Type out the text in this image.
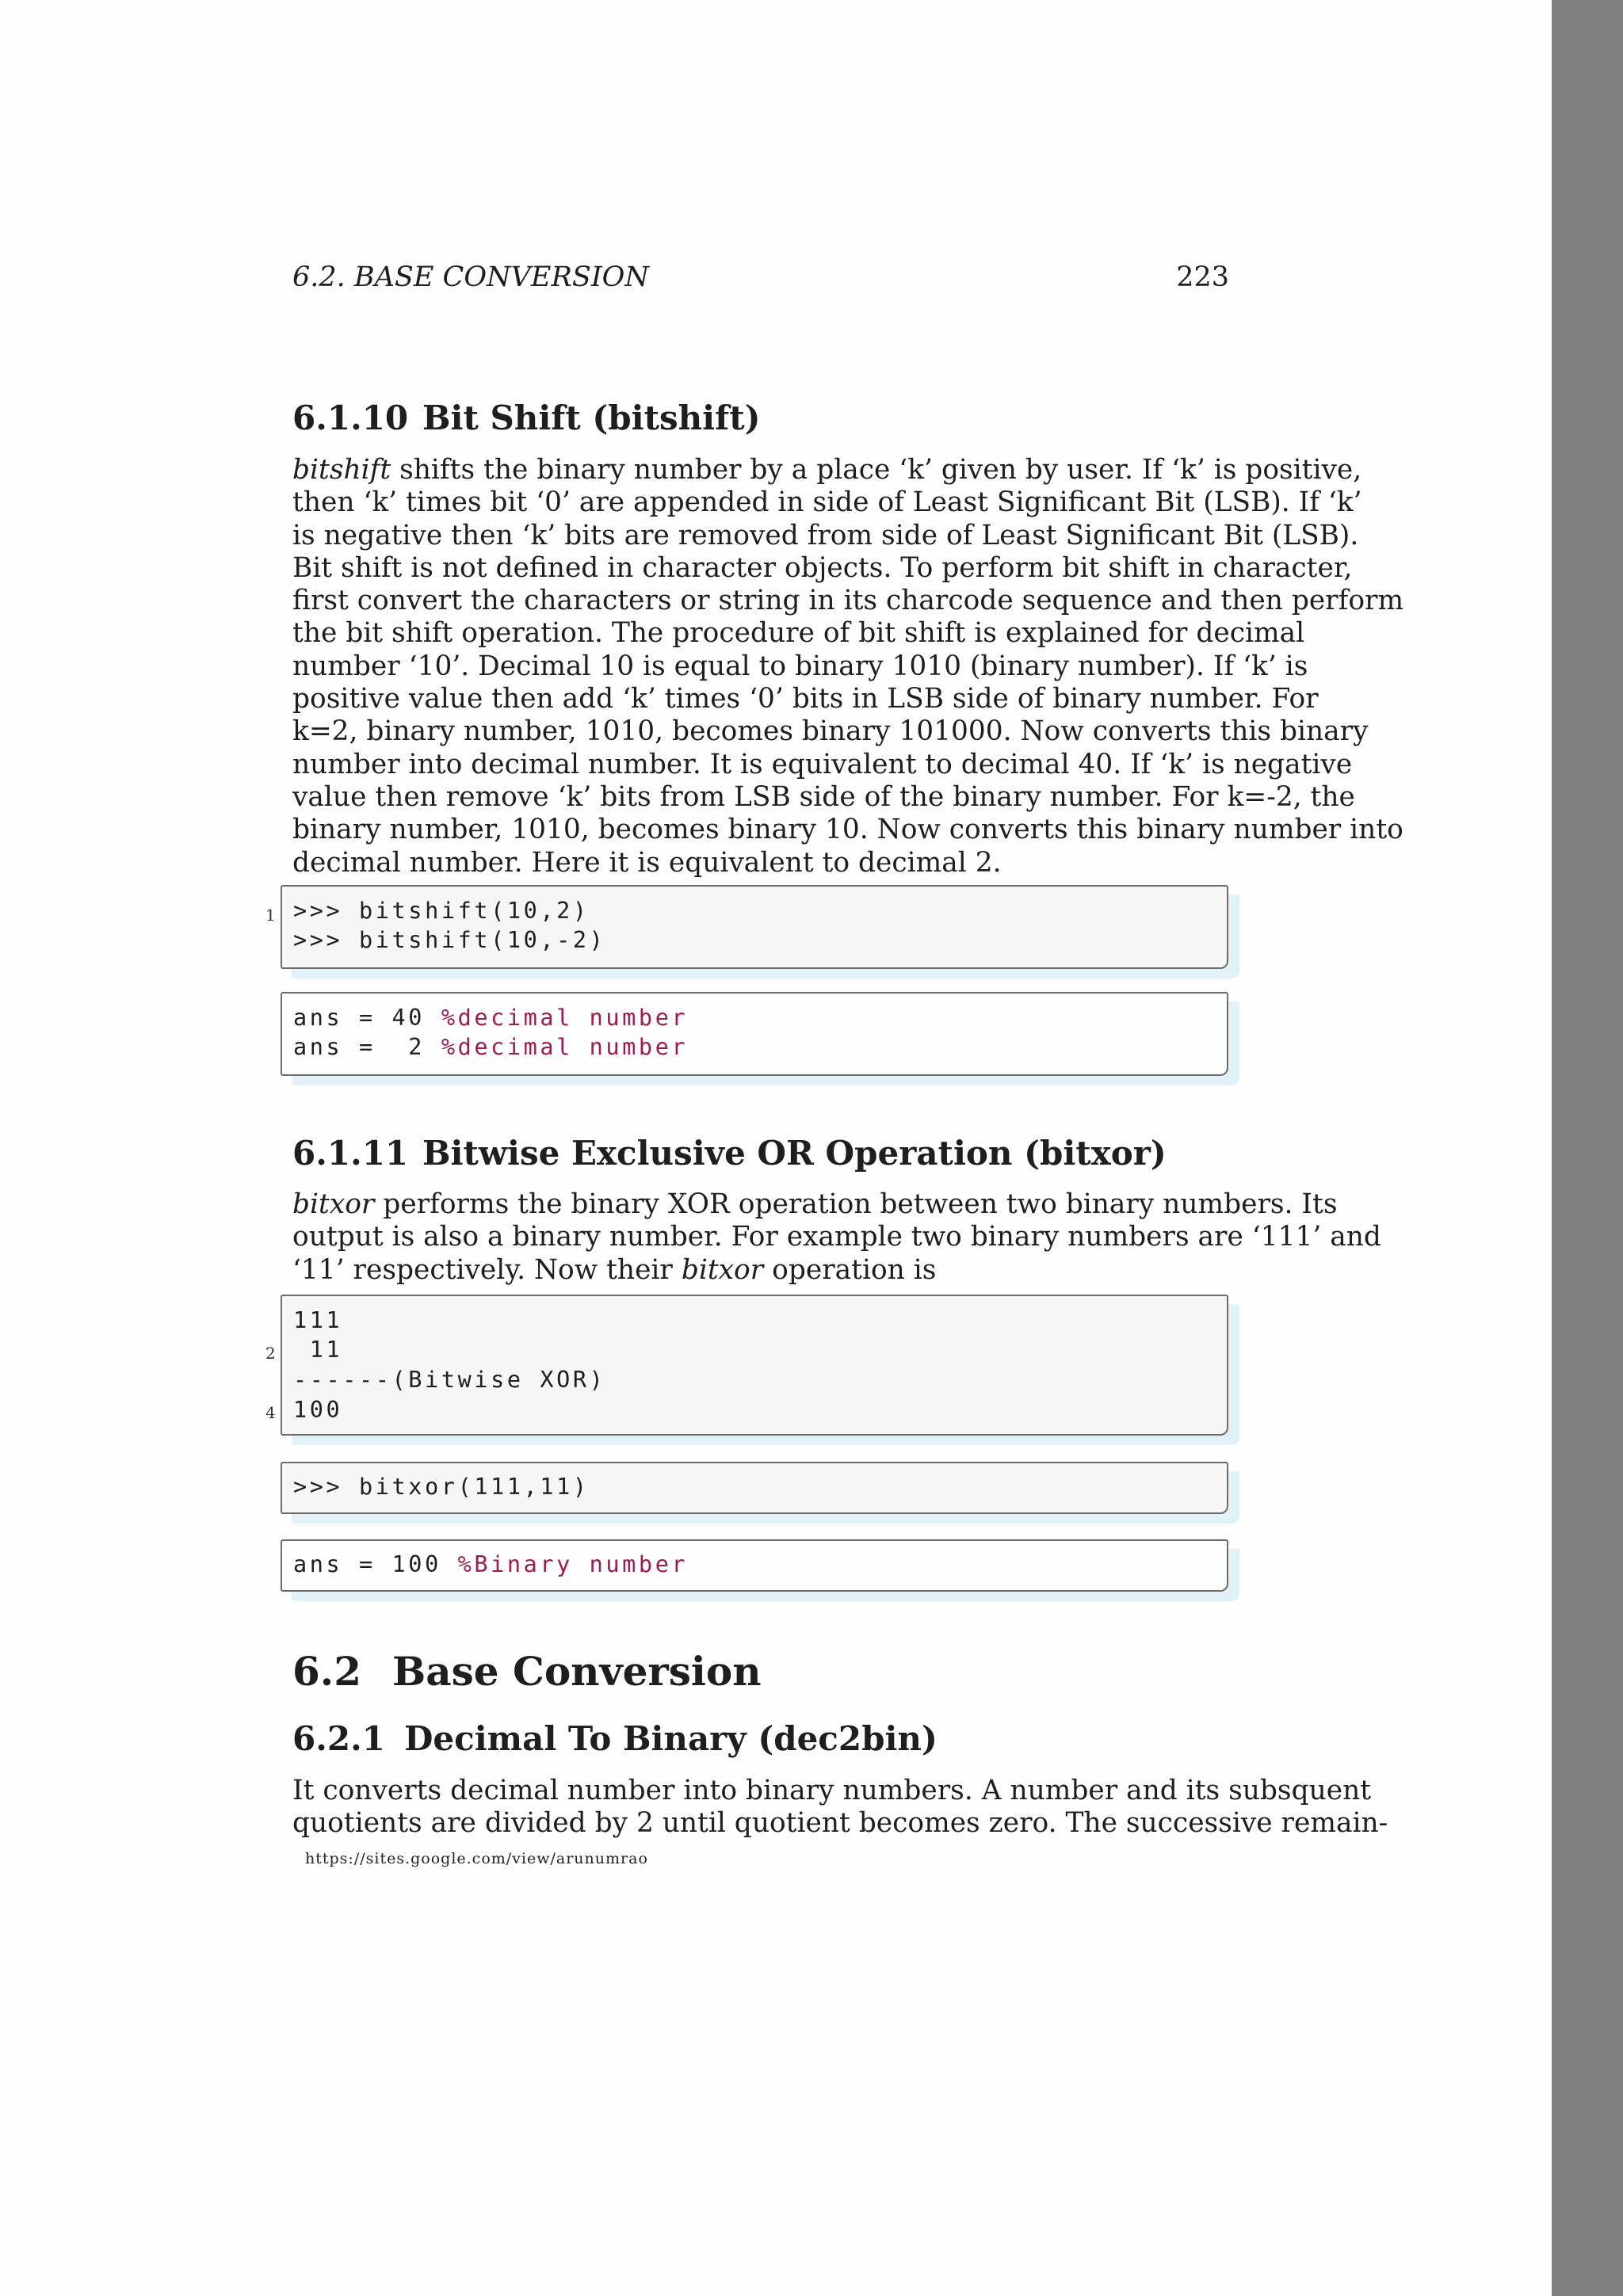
6.2. BASE CONVERSION	223
6.1.10 Bit Shift (bitshift)
bitshift shifts the binary number by a place ‘k’ given by user. If ‘k’ is positive,
then ‘k’ times bit ‘0’ are appended in side of Least Significant Bit (LSB). If ‘k’
is negative then ‘k’ bits are removed from side of Least Significant Bit (LSB).
Bit shift is not defined in character objects. To perform bit shift in character,
first convert the characters or string in its charcode sequence and then perform
the bit shift operation. The procedure of bit shift is explained for decimal
number ‘10’. Decimal 10 is equal to binary 1010 (binary number). If ‘k’ is
positive value then add ‘k’ times ‘0’ bits in LSB side of binary number. For
k=2, binary number, 1010, becomes binary 101000. Now converts this binary
number into decimal number. It is equivalent to decimal 40. If ‘k’ is negative
value then remove ‘k’ bits from LSB side of the binary number. For k=-2, the
binary number, 1010, becomes binary 10. Now converts this binary number into
decimal number. Here it is equivalent to decimal 2.
1 >>> bitshift(10,2)
>>> bitshift(10,-2)
ans = 40 %decimal number
ans =  2 %decimal number
6.1.11 Bitwise Exclusive OR Operation (bitxor)
bitxor performs the binary XOR operation between two binary numbers. Its
output is also a binary number. For example two binary numbers are ‘111’ and
‘11’ respectively. Now their bitxor operation is
2
4
111
11
------(Bitwise XOR)
100
>>> bitxor(111,11)
ans = 100 %Binary number
6.2 Base Conversion
6.2.1 Decimal To Binary (dec2bin)
It converts decimal number into binary numbers. A number and its subsquent
quotients are divided by 2 until quotient becomes zero. The successive remain-
https://sites.google.com/view/arunumrao
